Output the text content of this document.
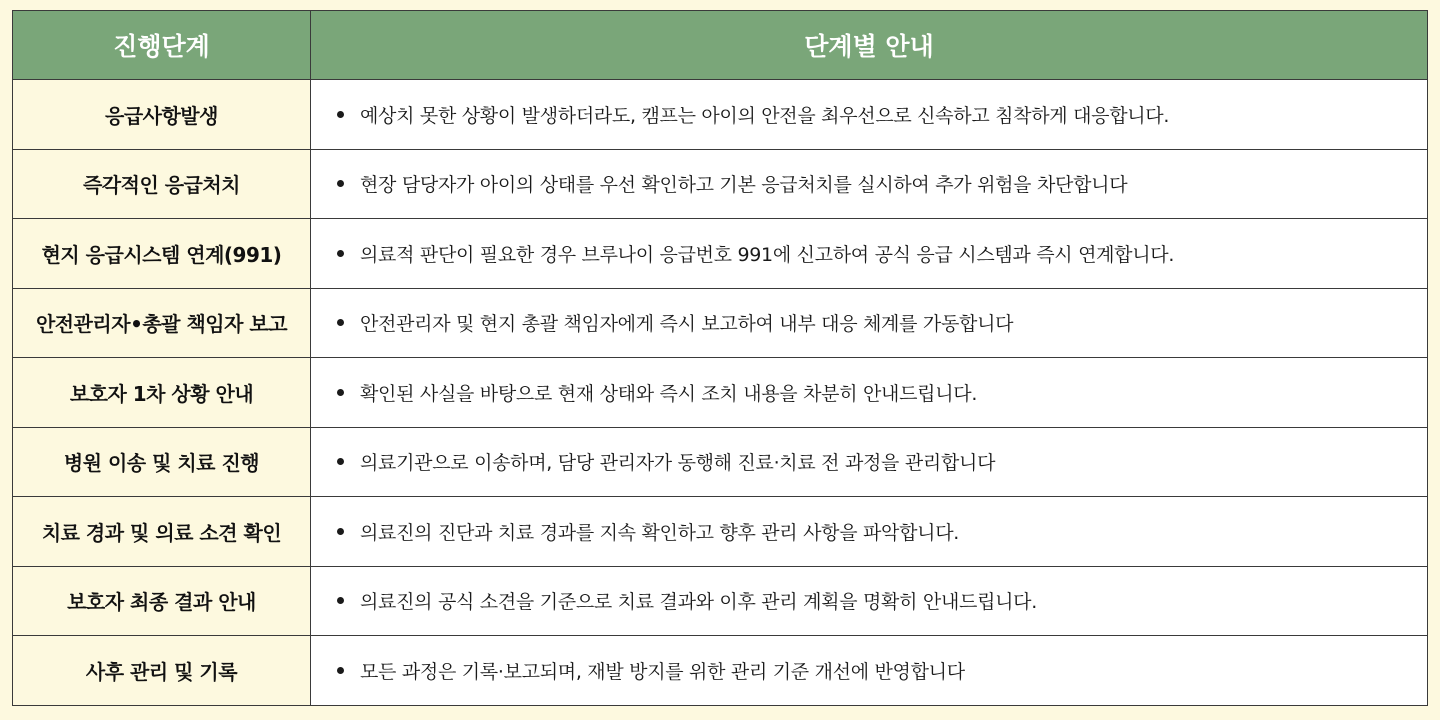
진행단계	단계별 안내
응급사항발생	예상치 못한 상황이 발생하더라도, 캠프는 아이의 안전을 최우선으로 신속하고 침착하게 대응합니다.
즉각적인 응급처치	현장 담당자가 아이의 상태를 우선 확인하고 기본 응급처치를 실시하여 추가 위험을 차단합니다
현지 응급시스템 연계(991)	의료적 판단이 필요한 경우 브루나이 응급번호 991에 신고하여 공식 응급 시스템과 즉시 연계합니다.
안전관리자•총괄 책임자 보고	안전관리자 및 현지 총괄 책임자에게 즉시 보고하여 내부 대응 체계를 가동합니다
보호자 1차 상황 안내	확인된 사실을 바탕으로 현재 상태와 즉시 조치 내용을 차분히 안내드립니다.
병원 이송 및 치료 진행	의료기관으로 이송하며, 담당 관리자가 동행해 진료·치료 전 과정을 관리합니다
치료 경과 및 의료 소견 확인	의료진의 진단과 치료 경과를 지속 확인하고 향후 관리 사항을 파악합니다.
보호자 최종 결과 안내	의료진의 공식 소견을 기준으로 치료 결과와 이후 관리 계획을 명확히 안내드립니다.
사후 관리 및 기록	모든 과정은 기록·보고되며, 재발 방지를 위한 관리 기준 개선에 반영합니다
